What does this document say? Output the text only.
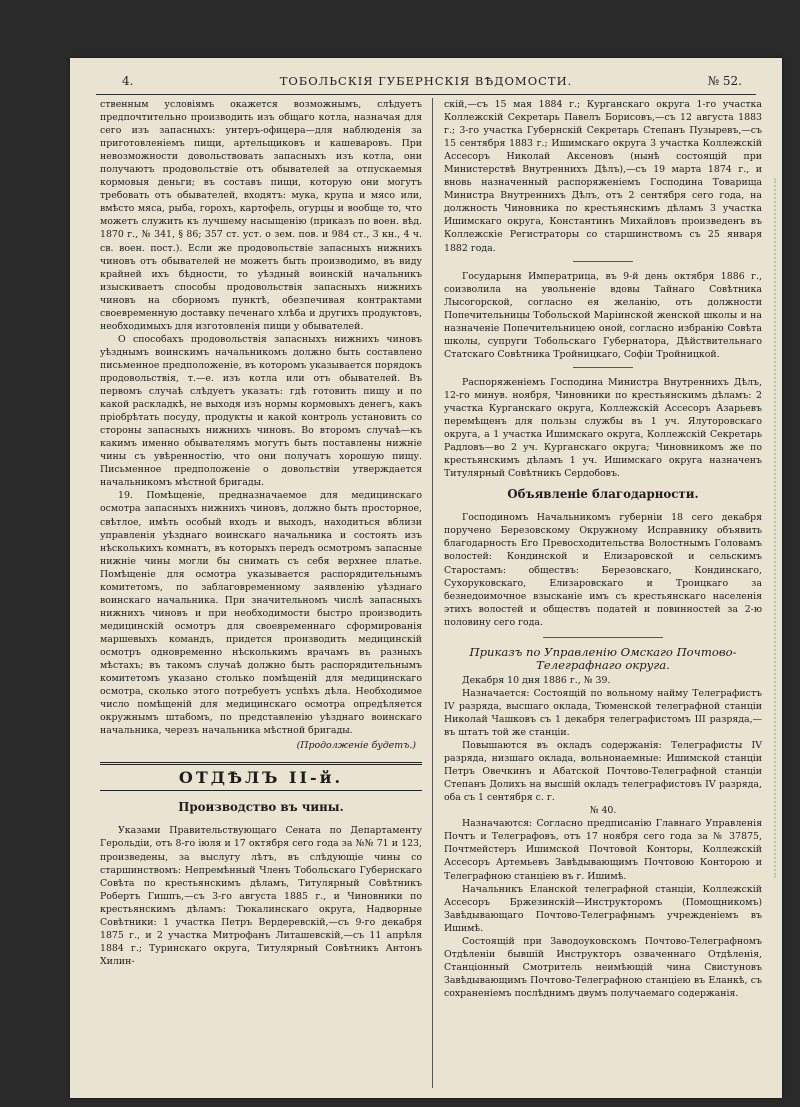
4.	ТОБОЛЬСКIЯ ГУБЕРНСКIЯ ВѢДОМОСТИ.	№ 52.

ственным условіямъ окажется возможнымъ, слѣдуетъ предпочтительно производить изъ общаго котла, назначая для сего изъ запасныхъ: унтеръ-офицера—для наблюденія за приготовленіемъ пищи, артельщиковъ и кашеваровъ. При невозможности довольствовать запасныхъ изъ котла, они получаютъ продовольствіе отъ обывателей за отпускаемыя кормовыя деньги; въ составъ пищи, которую они могутъ требовать отъ обывателей, входятъ: мука, крупа и мясо или, вмѣсто мяса, рыба, горохъ, картофель, огурцы и вообще то, что можетъ служить къ лучшему насыщенію (приказъ по воен. вѣд. 1870 г., № 341, § 86; 357 ст. уст. о зем. пов. и 984 ст., 3 кн., 4 ч. св. воен. пост.). Если же продовольствіе запасныхъ нижнихъ чиновъ отъ обывателей не можетъ быть производимо, въ виду крайней ихъ бѣдности, то уѣздный воинскій начальникъ изыскиваетъ способы продовольствія запасныхъ нижнихъ чиновъ на сборномъ пунктѣ, обезпечивая контрактами своевременную доставку печенаго хлѣба и другихъ продуктовъ, необходимыхъ для изготовленія пищи у обывателей.

О способахъ продовольствія запасныхъ нижнихъ чиновъ уѣзднымъ воинскимъ начальникомъ должно быть составлено письменное предположеніе, въ которомъ указывается порядокъ продовольствія, т.—е. изъ котла или отъ обывателей. Въ первомъ случаѣ слѣдуетъ указать: гдѣ готовить пищу и по какой раскладкѣ, не выходя изъ нормы кормовыхъ денегъ, какъ пріобрѣтать посуду, продукты и какой контроль установить со стороны запасныхъ нижнихъ чиновъ. Во второмъ случаѣ—къ какимъ именно обывателямъ могутъ быть поставлены нижніе чины съ увѣренностію, что они получатъ хорошую пищу. Письменное предположеніе о довольствіи утверждается начальникомъ мѣстной бригады.

19. Помѣщеніе, предназначаемое для медицинскаго осмотра запасныхъ нижнихъ чиновъ, должно быть просторное, свѣтлое, имѣть особый входъ и выходъ, находиться вблизи управленія уѣзднаго воинскаго начальника и состоять изъ нѣсколькихъ комнатъ, въ которыхъ передъ осмотромъ запасные нижніе чины могли бы снимать съ себя верхнее платье. Помѣщеніе для осмотра указывается распорядительнымъ комитетомъ, по заблаговременному заявленію уѣзднаго воинскаго начальника. При значительномъ числѣ запасныхъ нижнихъ чиновъ и при необходимости быстро производить медицинскій осмотръ для своевременнаго сформированія маршевыхъ командъ, придется производить медицинскій осмотръ одновременно нѣсколькимъ врачамъ въ разныхъ мѣстахъ; въ такомъ случаѣ должно быть распорядительнымъ комитетомъ указано столько помѣщеній для медицинскаго осмотра, сколько этого потребуетъ успѣхъ дѣла. Необходимое число помѣщеній для медицинскаго осмотра опредѣляется окружнымъ штабомъ, по представленію уѣзднаго воинскаго начальника, черезъ начальника мѣстной бригады.

(Продолженіе будетъ.)

ОТДѢЛЪ II-й.
Производство въ чины.

Указами Правительствующаго Сената по Департаменту Герольдіи, отъ 8-го іюля и 17 октября сего года за №№ 71 и 123, произведены, за выслугу лѣтъ, въ слѣдующіе чины со старшинствомъ: Непремѣнный Членъ Тобольскаго Губернскаго Совѣта по крестьянскимъ дѣламъ, Титулярный Совѣтникъ Робертъ Гишпъ,—съ 3-го августа 1885 г., и Чиновники по крестьянскимъ дѣламъ: Тюкалинскаго округа, Надворные Совѣтники: 1 участка Петръ Вердеревскій,—съ 9-го декабря 1875 г., и 2 участка Митрофанъ Литашевскій,—съ 11 апрѣля 1884 г.; Туринскаго округа, Титулярный Совѣтникъ Антонъ Хилин-

скій,—съ 15 мая 1884 г.; Курганскаго округа 1-го участка Коллежскій Секретарь Павелъ Борисовъ,—съ 12 августа 1883 г.; 3-го участка Губернскій Секретарь Степанъ Пузыревъ,—съ 15 сентября 1883 г.; Ишимскаго округа 3 участка Коллежскій Ассесоръ Николай Аксеновъ (нынѣ состоящій при Министерствѣ Внутреннихъ Дѣлъ),—съ 19 марта 1874 г., и вновь назначенный распоряженіемъ Господина Товарища Министра Внутреннихъ Дѣлъ, отъ 2 сентября сего года, на должность Чиновника по крестьянскимъ дѣламъ 3 участка Ишимскаго округа, Константинъ Михайловъ произведенъ въ Коллежскіе Регистраторы со старшинствомъ съ 25 января 1882 года.

Государыня Императрица, въ 9-й день октября 1886 г., соизволила на увольненіе вдовы Тайнаго Совѣтника Лысогорской, согласно ея желанію, отъ должности Попечительницы Тобольской Маріинской женской школы и на назначеніе Попечительницею оной, согласно избранію Совѣта школы, супруги Тобольскаго Губернатора, Дѣйствительнаго Статскаго Совѣтника Тройницкаго, Софіи Тройницкой.

Распоряженіемъ Господина Министра Внутреннихъ Дѣлъ, 12-го минув. ноября, Чиновники по крестьянскимъ дѣламъ: 2 участка Курганскаго округа, Коллежскій Ассесоръ Азарьевъ перемѣщенъ для пользы службы въ 1 уч. Ялуторовскаго округа, а 1 участка Ишимскаго округа, Коллежскій Секретарь Радловъ—во 2 уч. Курганскаго округа; Чиновникомъ же по крестьянскимъ дѣламъ 1 уч. Ишимскаго округа назначенъ Титулярный Совѣтникъ Сердобовъ.

Объявленіе благодарности.

Господиномъ Начальникомъ губерніи 18 сего декабря поручено Березовскому Окружному Исправнику объявить благодарность Его Превосходительства Волостнымъ Головамъ волостей: Кондинской и Елизаровской и сельскимъ Старостамъ: обществъ: Березовскаго, Кондинскаго, Сухоруковскаго, Елизаровскаго и Троицкаго за безнедоимочное взысканіе имъ съ крестьянскаго населенія этихъ волостей и обществъ податей и повинностей за 2-ю половину сего года.

Приказъ по Управленію Омскаго Почтово-Телеграфнаго округа.

Декабря 10 дня 1886 г., № 39.

Назначается: Состоящій по вольному найму Телеграфистъ IV разряда, высшаго оклада, Тюменской телеграфной станціи Николай Чашковъ съ 1 декабря телеграфистомъ III разряда,—въ штатъ той же станціи.

Повышаются въ окладъ содержанія: Телеграфисты IV разряда, низшаго оклада, вольнонаемные: Ишимской станціи Петръ Овечкинъ и Абатской Почтово-Телеграфной станціи Степанъ Долихъ на высшій окладъ телеграфистовъ IV разряда, оба съ 1 сентября с. г.

№ 40.

Назначаются: Согласно предписанію Главнаго Управленія Почтъ и Телеграфовъ, отъ 17 ноября сего года за № 37875, Почтмейстеръ Ишимской Почтовой Конторы, Коллежскій Ассесоръ Артемьевъ Завѣдывающимъ Почтовою Конторою и Телеграфною станціею въ г. Ишимѣ.

Начальникъ Еланской телеграфной станціи, Коллежскій Ассесоръ Бржезинскій—Инструкторомъ (Помощникомъ) Завѣдывающаго Почтово-Телеграфнымъ учрежденіемъ въ Ишимѣ.

Состоящій при Заводоуковскомъ Почтово-Телеграфномъ Отдѣленіи бывшій Инструкторъ озваченнаго Отдѣленія, Станціонный Смотритель неимѣющій чина Свистуновъ Завѣдывающимъ Почтово-Телеграфною станціею въ Еланкѣ, съ сохраненіемъ послѣднимъ двумъ получаемаго содержанія.
